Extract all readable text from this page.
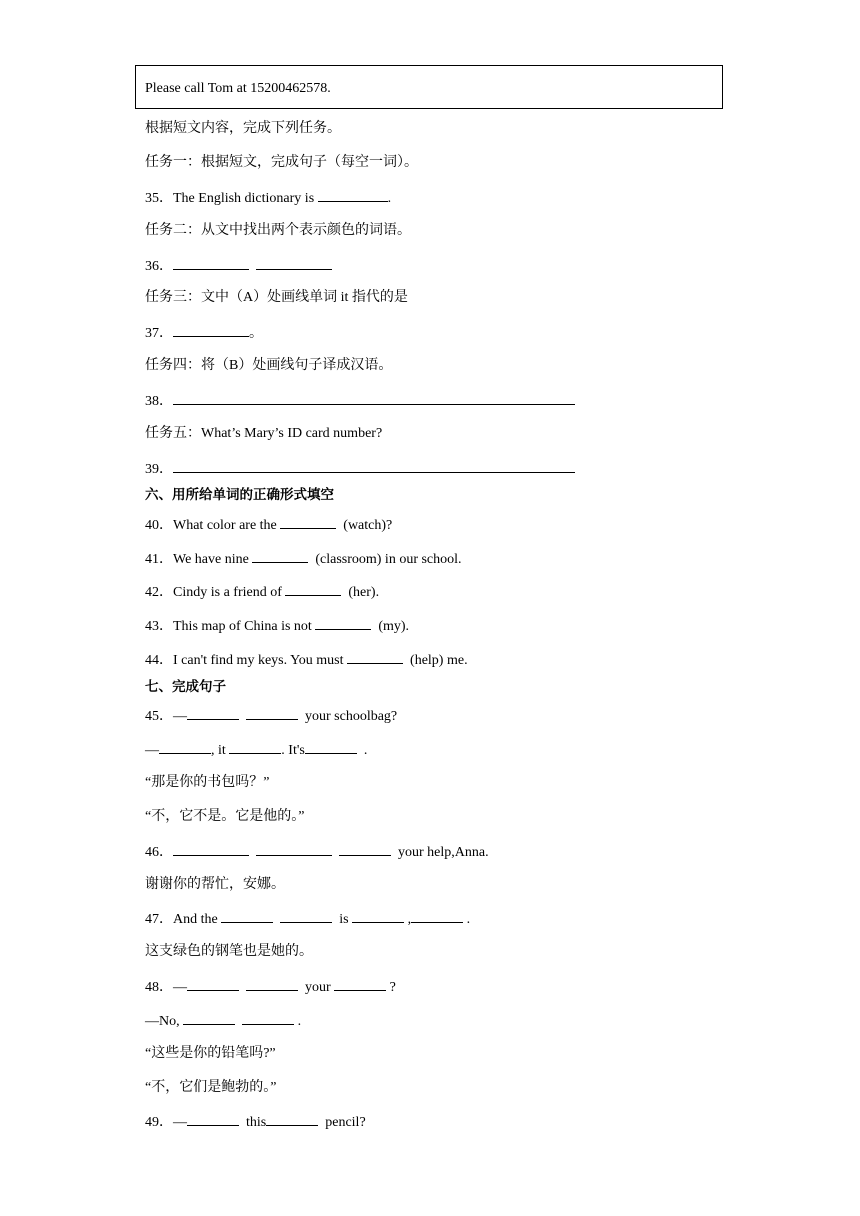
Please call Tom at 15200462578.
根据短文内容，完成下列任务。
任务一：根据短文，完成句子（每空一词）。
35．The English dictionary is	.
任务二：从文中找出两个表示颜色的词语。
36．
任务三：文中（A）处画线单词 it 指代的是
37．	。
任务四：将（B）处画线句子译成汉语。
38．
任务五：What’s Mary’s ID card number?
39．
六、用所给单词的正确形式填空
40．What color are the	(watch)?
41．We have nine	(classroom) in our school.
42．Cindy is a friend of	(her).
43．This map of China is not	(my).
44．I can't find my keys. You must	(help) me.
七、完成句子
45．—	your schoolbag?
—	, it	. It's	.
“那是你的书包吗？”
“不，它不是。它是他的。”
46．	your help,Anna.
谢谢你的帮忙，安娜。
47．And the	is	,	.
这支绿色的钢笔也是她的。
48．—	your	?
—No,	.
“这些是你的铅笔吗?”
“不，它们是鲍勃的。”
49．—	this	pencil?
